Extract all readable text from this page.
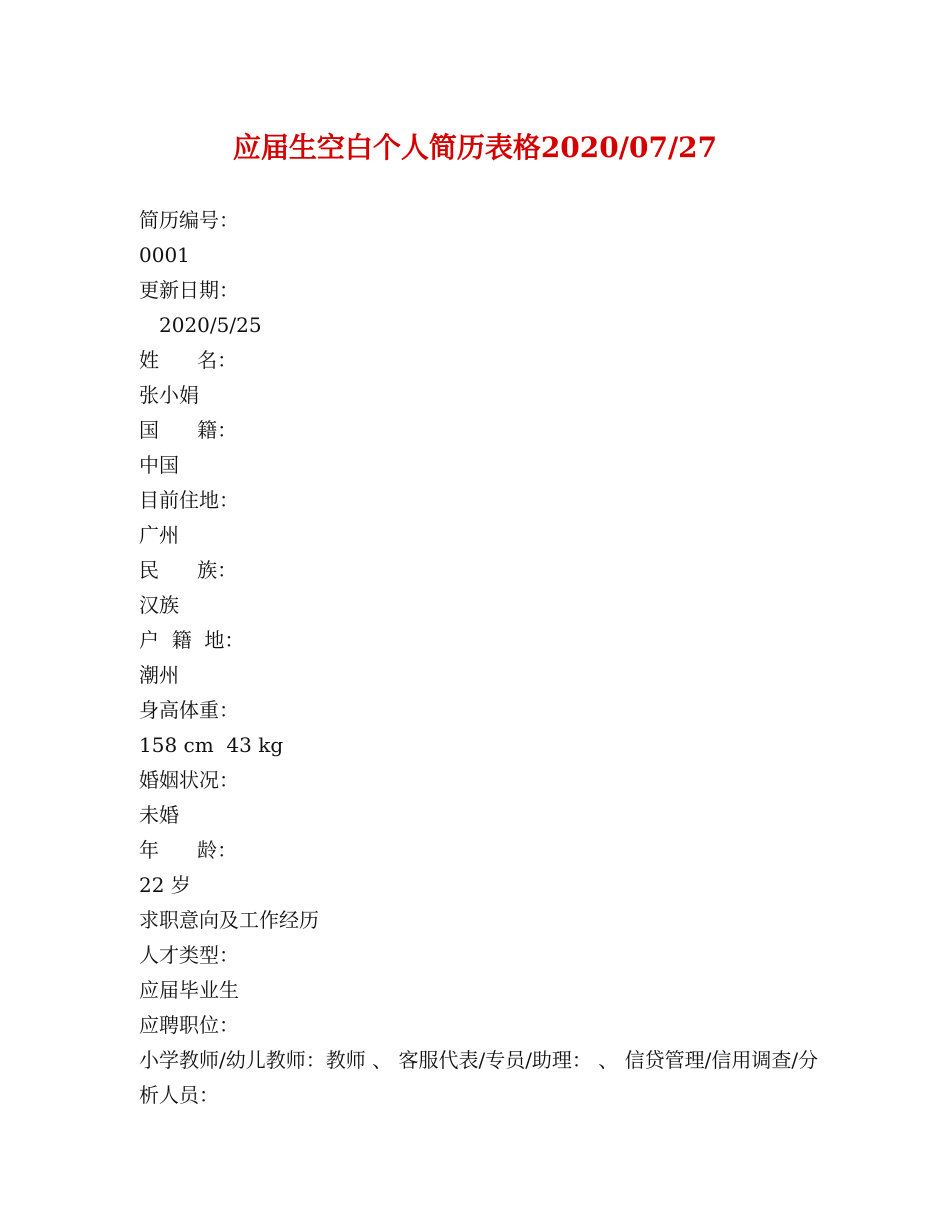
应届生空白个人简历表格2020/07/27
简历编号：
0001
更新日期：
2020/5/25
姓      名：
张小娟
国      籍：
中国
目前住地：
广州
民      族：
汉族
户  籍  地：
潮州
身高体重：
158 cm  43 kg
婚姻状况：
未婚
年      龄：
22 岁
求职意向及工作经历
人才类型：
应届毕业生
应聘职位：
小学教师/幼儿教师：教师 、 客服代表/专员/助理： 、 信贷管理/信用调查/分析人员：
